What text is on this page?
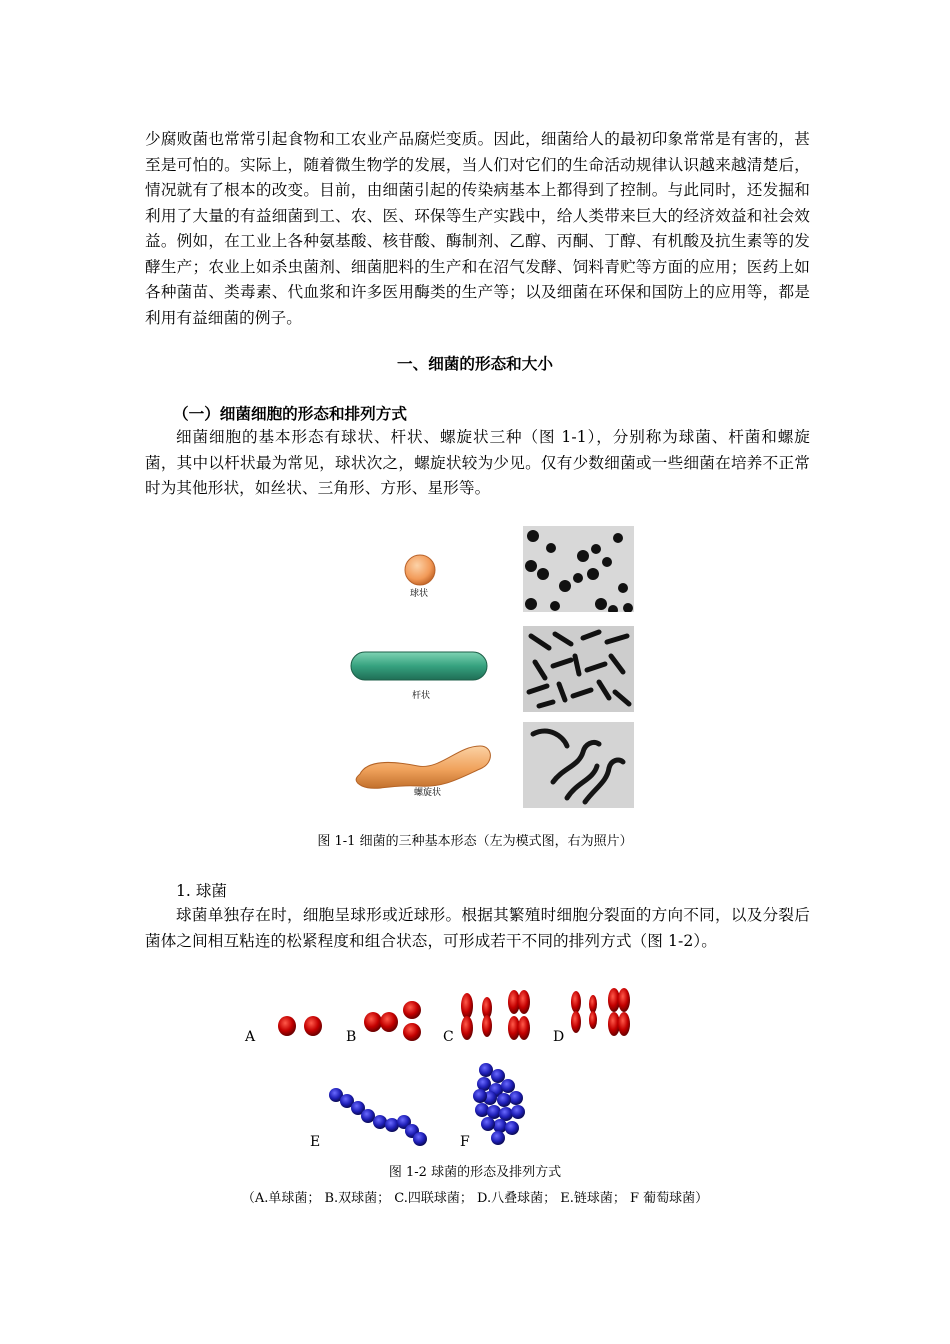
少腐败菌也常常引起食物和工农业产品腐烂变质。因此，细菌给人的最初印象常常是有害的，甚至是可怕的。实际上，随着微生物学的发展，当人们对它们的生命活动规律认识越来越清楚后，情况就有了根本的改变。目前，由细菌引起的传染病基本上都得到了控制。与此同时，还发掘和利用了大量的有益细菌到工、农、医、环保等生产实践中，给人类带来巨大的经济效益和社会效益。例如，在工业上各种氨基酸、核苷酸、酶制剂、乙醇、丙酮、丁醇、有机酸及抗生素等的发酵生产；农业上如杀虫菌剂、细菌肥料的生产和在沼气发酵、饲料青贮等方面的应用；医药上如各种菌苗、类毒素、代血浆和许多医用酶类的生产等；以及细菌在环保和国防上的应用等，都是利用有益细菌的例子。

一、细菌的形态和大小

（一）细菌细胞的形态和排列方式

细菌细胞的基本形态有球状、杆状、螺旋状三种（图 1-1），分别称为球菌、杆菌和螺旋菌，其中以杆状最为常见，球状次之，螺旋状较为少见。仅有少数细菌或一些细菌在培养不正常时为其他形状，如丝状、三角形、方形、星形等。

球状
杆状
螺旋状

图 1-1 细菌的三种基本形态（左为模式图，右为照片）

1. 球菌

球菌单独存在时，细胞呈球形或近球形。根据其繁殖时细胞分裂面的方向不同，以及分裂后菌体之间相互粘连的松紧程度和组合状态，可形成若干不同的排列方式（图 1-2）。

A	B	C	D
E	F

图 1-2 球菌的形态及排列方式

（A.单球菌； B.双球菌； C.四联球菌； D.八叠球菌； E.链球菌； F 葡萄球菌）
